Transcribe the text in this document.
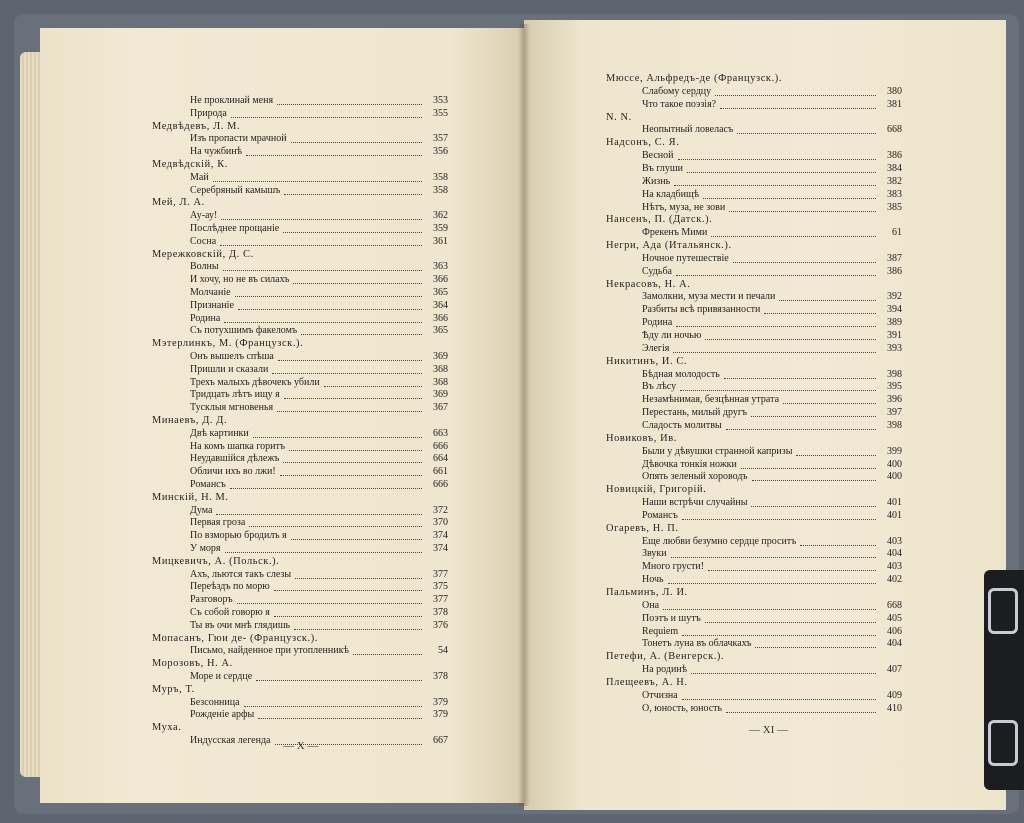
Не проклинай меня	353
Природа	355
Медвѣдевъ, Л. М.
Изъ пропасти мрачной	357
На чужбинѣ	356
Медвѣдскій, К.
Май	358
Серебряный камышъ	358
Мей, Л. А.
Ау-ау!	362
Послѣднее прощаніе	359
Сосна	361
Мережковскій, Д. С.
Волны	363
И хочу, но не въ силахъ	366
Молчаніе	365
Признаніе	364
Родина	366
Съ потухшимъ факеломъ	365
Мэтерлинкъ, М. (Французск.).
Онъ вышелъ спѣша	369
Пришли и сказали	368
Трехъ малыхъ дѣвочекъ убили	368
Тридцать лѣтъ ищу я	369
Тусклыя мгновенья	367
Минаевъ, Д. Д.
Двѣ картинки	663
На комъ шапка горитъ	666
Неудавшійся дѣлежъ	664
Обличи ихъ во лжи!	661
Романсъ	666
Минскій, Н. М.
Дума	372
Первая гроза	370
По взморью бродилъ я	374
У моря	374
Мицкевичъ, А. (Польск.).
Ахъ, льются такъ слезы	377
Переѣздъ по морю	375
Разговоръ	377
Съ собой говорю я	378
Ты въ очи мнѣ глядишь	376
Мопасанъ, Гюи де- (Французск.).
Письмо, найденное при утопленникѣ	54
Морозовъ, Н. А.
Море и сердце	378
Муръ, Т.
Безсонница	379
Рожденіе арфы	379
Муха.
Индусская легенда	667
— X —
Мюссе, Альфредъ-де (Французск.).
Слабому сердцу	380
Что такое поэзія?	381
N. N.
Неопытный ловеласъ	668
Надсонъ, С. Я.
Весной	386
Въ глуши	384
Жизнь	382
На кладбищѣ	383
Нѣтъ, муза, не зови	385
Нансенъ, П. (Датск.).
Фрекенъ Мими	61
Негри, Ада (Итальянск.).
Ночное путешествіе	387
Судьба	386
Некрасовъ, Н. А.
Замолкни, муза мести и печали	392
Разбиты всѣ привязанности	394
Родина	389
Ѣду ли ночью	391
Элегія	393
Никитинъ, И. С.
Бѣдная молодость	398
Въ лѣсу	395
Незамѣнимая, безцѣнная утрата	396
Перестань, милый другъ	397
Сладость молитвы	398
Новиковъ, Ив.
Были у дѣвушки странной капризы	399
Дѣвочка тонкія ножки	400
Опять зеленый хороводъ	400
Новицкій, Григорій.
Наши встрѣчи случайны	401
Романсъ	401
Огаревъ, Н. П.
Еще любви безумно сердце проситъ	403
Звуки	404
Много грусти!	403
Ночь	402
Пальминъ, Л. И.
Она	668
Поэтъ и шутъ	405
Requiem	406
Тонетъ луна въ облачкахъ	404
Петефи, А. (Венгерск.).
На родинѣ	407
Плещеевъ, А. Н.
Отчизна	409
О, юность, юность	410
— XI —
